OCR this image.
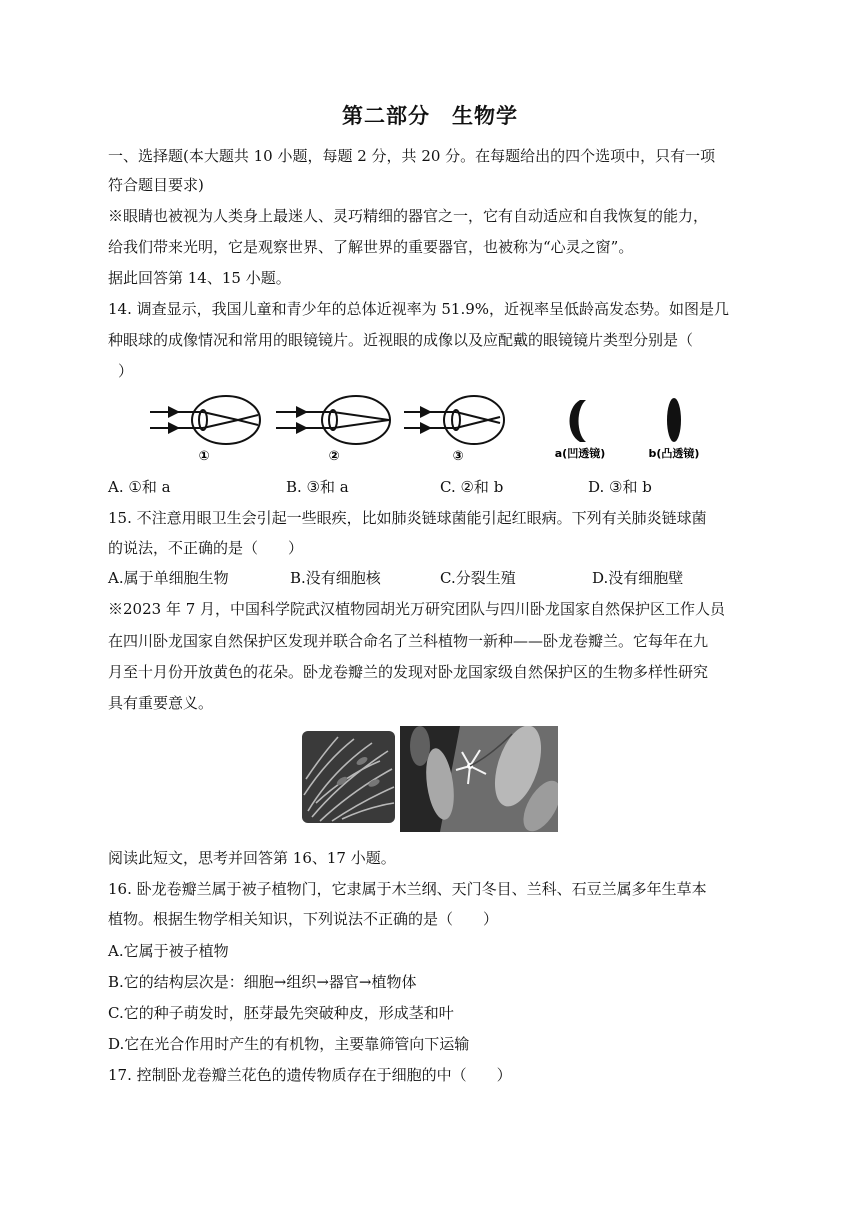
第二部分　生物学
一、选择题(本大题共 10 小题，每题 2 分，共 20 分。在每题给出的四个选项中，只有一项
符合题目要求)
※眼睛也被视为人类身上最迷人、灵巧精细的器官之一，它有自动适应和自我恢复的能力，
给我们带来光明，它是观察世界、了解世界的重要器官，也被称为“心灵之窗”。
据此回答第 14、15 小题。
14. 调查显示，我国儿童和青少年的总体近视率为 51.9%，近视率呈低龄高发态势。如图是几
种眼球的成像情况和常用的眼镜镜片。近视眼的成像以及应配戴的眼镜镜片类型分别是（
）
①	②	③	a(凹透镜)	b(凸透镜)
A. ①和 a	B. ③和 a	C. ②和 b	D. ③和 b
15. 不注意用眼卫生会引起一些眼疾，比如肺炎链球菌能引起红眼病。下列有关肺炎链球菌
的说法，不正确的是（　　）
A.属于单细胞生物	B.没有细胞核	C.分裂生殖	D.没有细胞壁
※2023 年 7 月，中国科学院武汉植物园胡光万研究团队与四川卧龙国家自然保护区工作人员
在四川卧龙国家自然保护区发现并联合命名了兰科植物一新种——卧龙卷瓣兰。它每年在九
月至十月份开放黄色的花朵。卧龙卷瓣兰的发现对卧龙国家级自然保护区的生物多样性研究
具有重要意义。
阅读此短文，思考并回答第 16、17 小题。
16. 卧龙卷瓣兰属于被子植物门，它隶属于木兰纲、天门冬目、兰科、石豆兰属多年生草本
植物。根据生物学相关知识，下列说法不正确的是（　　）
A.它属于被子植物
B.它的结构层次是：细胞→组织→器官→植物体
C.它的种子萌发时，胚芽最先突破种皮，形成茎和叶
D.它在光合作用时产生的有机物，主要靠筛管向下运输
17. 控制卧龙卷瓣兰花色的遗传物质存在于细胞的中（　　）
